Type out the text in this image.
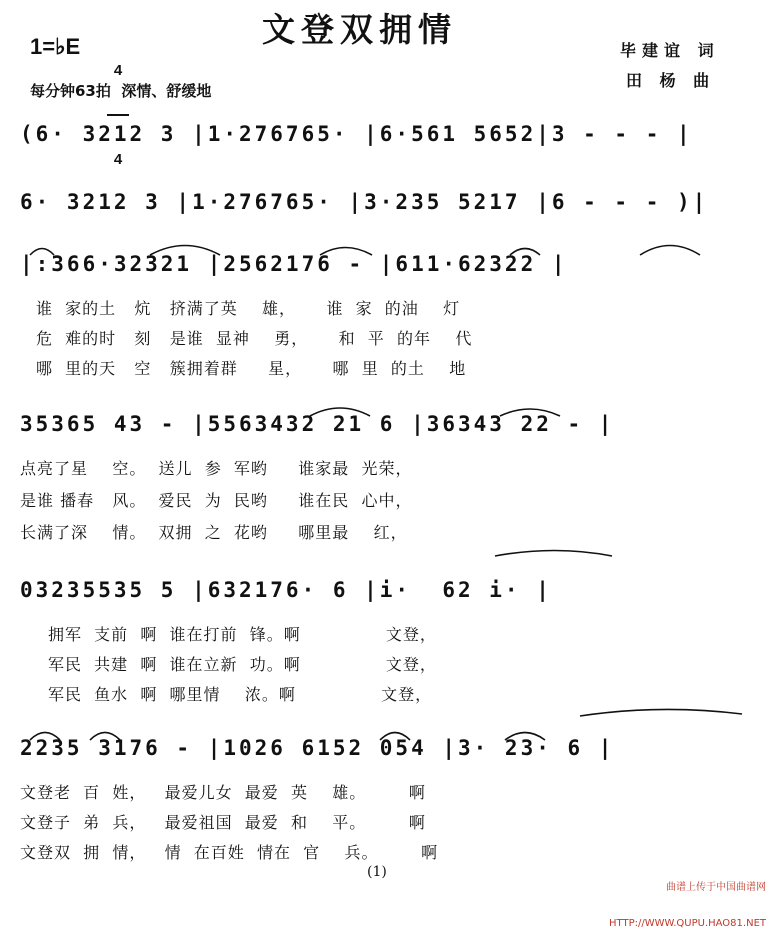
文登双拥情
1=♭E

4

4

每分钟63拍  深情、舒缓地
毕建谊 词
田 杨 曲
(6· 3212 3 |1·276765· |6·561 5652|3 - - - |
6· 3212 3 |1·276765· |3·235 5217 |6 - - - )|
|:366·32321 |2562176 - |611·62322 |
谁  家的土   炕   挤满了英    雄，     谁  家  的油    灯
危  难的时   刻   是谁  显神    勇，     和  平  的年    代
哪  里的天   空   簇拥着群     星，     哪  里  的土    地
35365 43 - |5563432 21 6 |36343 22 - |
点亮了星    空。  送儿  参  军哟     谁家最  光荣，
是谁 播春   风。  爱民  为  民哟     谁在民  心中，
长满了深    情。  双拥  之  花哟     哪里最    红，
03235535 5 |632176· 6 |i·  62 i· |
拥军  支前  啊  谁在打前  锋。啊              文登，
军民  共建  啊  谁在立新  功。啊              文登，
军民  鱼水  啊  哪里情    浓。啊              文登，
2235 3176 - |1026 6152 054 |3· 23· 6 |
文登老  百  姓，   最爱儿女  最爱  英    雄。       啊
文登子  弟  兵，   最爱祖国  最爱  和    平。       啊
文登双  拥  情，   情  在百姓  情在  官    兵。       啊
(1)

曲谱上传于中国曲谱网

HTTP://WWW.QUPU.HAO81.NET
